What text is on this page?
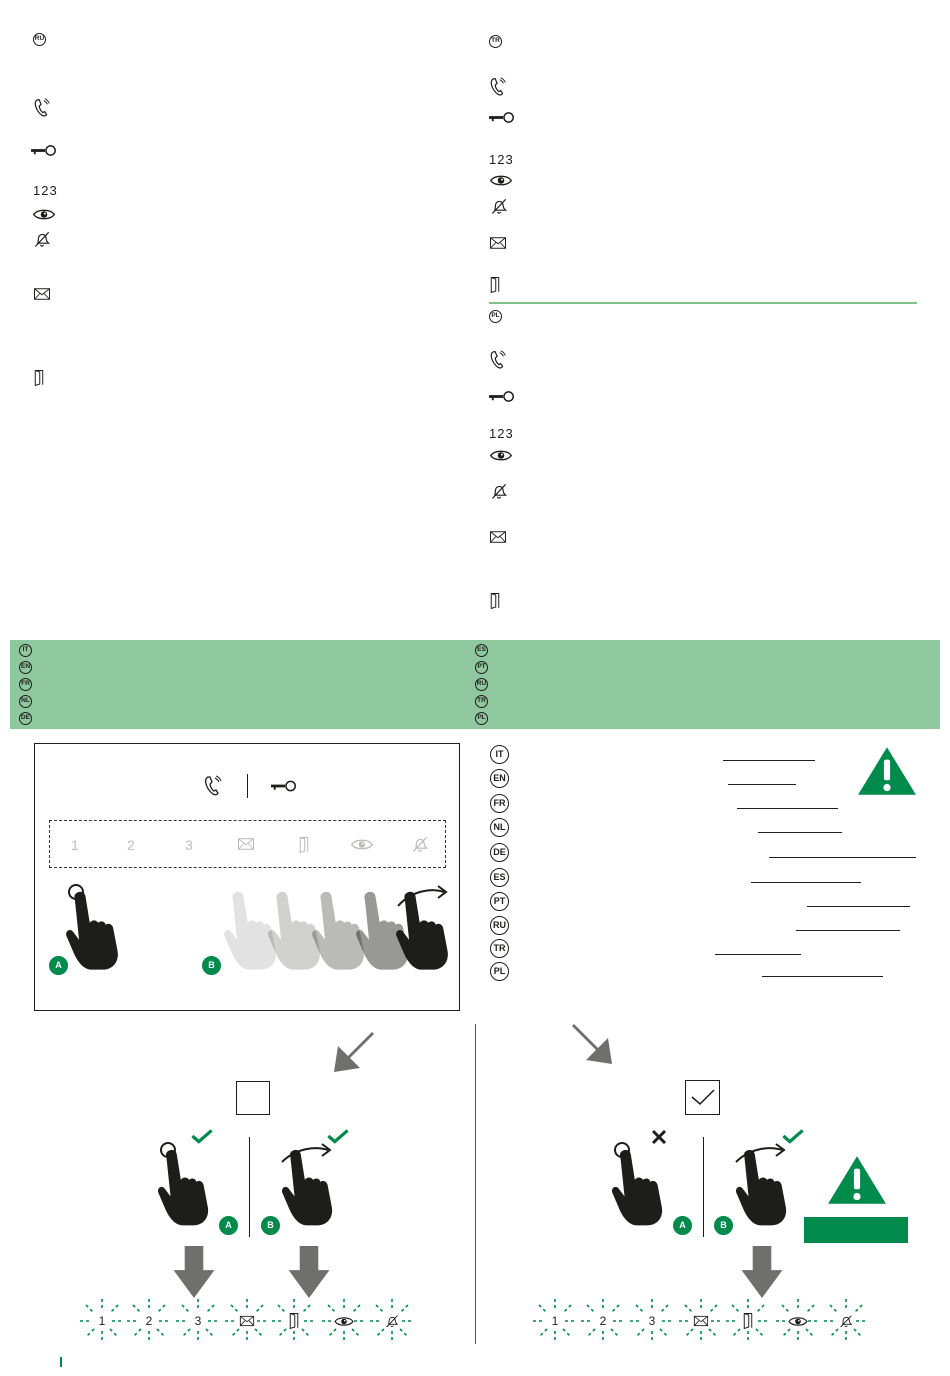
RU
123
TR
123
PL
123
IT
EN
FR
NL
DE
ES
PT
RU
TR
PL
1	2	3
A	B
IT
EN
FR
NL
DE
ES
PT
RU
TR
PL
A	B
1	2	3
A	B
1	2	3
